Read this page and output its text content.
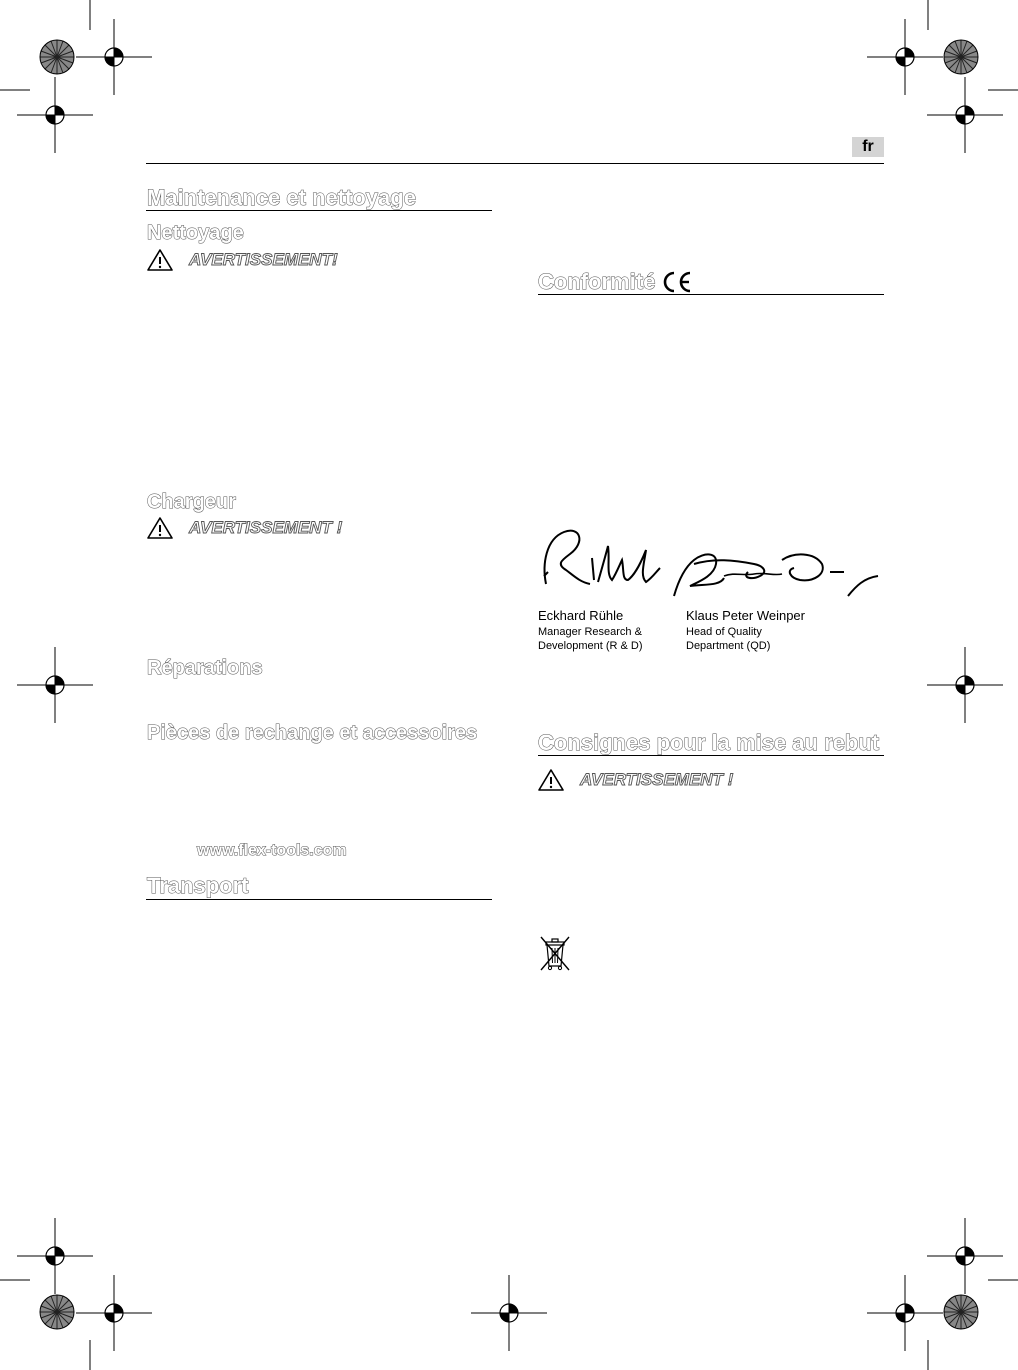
fr
Maintenance et nettoyage
Nettoyage
AVERTISSEMENT!
Chargeur
AVERTISSEMENT !
Réparations
Pièces de rechange et accessoires
www.flex-tools.com
Transport
Conformité
Eckhard Rühle
Manager Research &
Development (R & D)
Klaus Peter Weinper
Head of Quality
Department (QD)
Consignes pour la mise au rebut
AVERTISSEMENT !
